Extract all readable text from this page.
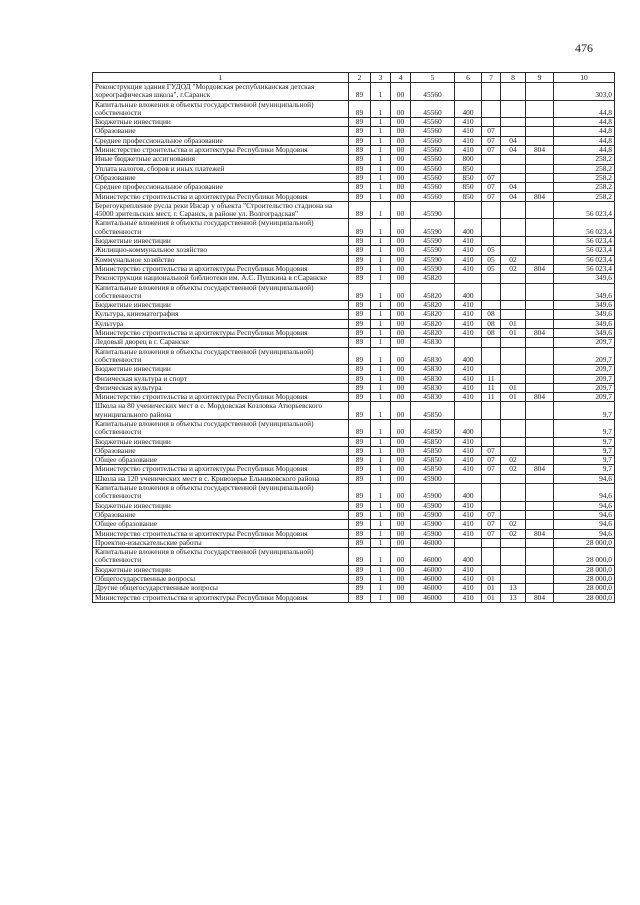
476
1	2	3	4	5	6	7	8	9	10
Реконструкция здания ГУДОД "Мордовская республиканская детская хореографическая школа", г.Саранск	89	1	00	45560					303,0
Капитальные вложения в объекты государственной (муниципальной) собственности	89	1	00	45560	400				44,8
Бюджетные инвестиции	89	1	00	45560	410				44,8
Образование	89	1	00	45560	410	07			44,8
Среднее профессиональное образование	89	1	00	45560	410	07	04		44,8
Министерство строительства и архитектуры Республики Мордовия	89	1	00	45560	410	07	04	804	44,8
Иные бюджетные ассигнования	89	1	00	45560	800				258,2
Уплата налогов, сборов и иных платежей	89	1	00	45560	850				258,2
Образование	89	1	00	45560	850	07			258,2
Среднее профессиональное образование	89	1	00	45560	850	07	04		258,2
Министерство строительства и архитектуры Республики Мордовия	89	1	00	45560	850	07	04	804	258,2
Берегоукрепление русла реки Инсар у объекта "Строительство стадиона на 45000 зрительских мест, г. Саранск, в районе ул. Волгоградская"	89	1	00	45590					56 023,4
Капитальные вложения в объекты государственной (муниципальной) собственности	89	1	00	45590	400				56 023,4
Бюджетные инвестиции	89	1	00	45590	410				56 023,4
Жилищно-коммунальное хозяйство	89	1	00	45590	410	05			56 023,4
Коммунальное хозяйство	89	1	00	45590	410	05	02		56 023,4
Министерство строительства и архитектуры Республики Мордовия	89	1	00	45590	410	05	02	804	56 023,4
Реконструкция национальной библиотеки им. А.С. Пушкина в г.Саранске	89	1	00	45820					349,6
Капитальные вложения в объекты государственной (муниципальной) собственности	89	1	00	45820	400				349,6
Бюджетные инвестиции	89	1	00	45820	410				349,6
Культура, кинематография	89	1	00	45820	410	08			349,6
Культура	89	1	00	45820	410	08	01		349,6
Министерство строительства и архитектуры Республики Мордовия	89	1	00	45820	410	08	01	804	349,6
Ледовый дворец в г. Саранске	89	1	00	45830					209,7
Капитальные вложения в объекты государственной (муниципальной) собственности	89	1	00	45830	400				209,7
Бюджетные инвестиции	89	1	00	45830	410				209,7
Физическая культура и спорт	89	1	00	45830	410	11			209,7
Физическая культура	89	1	00	45830	410	11	01		209,7
Министерство строительства и архитектуры Республики Мордовия	89	1	00	45830	410	11	01	804	209,7
Школа на 80 ученических мест в с. Мордовская Козловка Атюрьевского муниципального района	89	1	00	45850					9,7
Капитальные вложения в объекты государственной (муниципальной) собственности	89	1	00	45850	400				9,7
Бюджетные инвестиции	89	1	00	45850	410				9,7
Образование	89	1	00	45850	410	07			9,7
Общее образование	89	1	00	45850	410	07	02		9,7
Министерство строительства и архитектуры Республики Мордовия	89	1	00	45850	410	07	02	804	9,7
Школа на 120 ученических мест в с. Кривозерье Ельниковского района	89	1	00	45900					94,6
Капитальные вложения в объекты государственной (муниципальной) собственности	89	1	00	45900	400				94,6
Бюджетные инвестиции	89	1	00	45900	410				94,6
Образование	89	1	00	45900	410	07			94,6
Общее образование	89	1	00	45900	410	07	02		94,6
Министерство строительства и архитектуры Республики Мордовия	89	1	00	45900	410	07	02	804	94,6
Проектно-изыскательские работы	89	1	00	46000					28 000,0
Капитальные вложения в объекты государственной (муниципальной) собственности	89	1	00	46000	400				28 000,0
Бюджетные инвестиции	89	1	00	46000	410				28 000,0
Общегосударственные вопросы	89	1	00	46000	410	01			28 000,0
Другие общегосударственные вопросы	89	1	00	46000	410	01	13		28 000,0
Министерство строительства и архитектуры Республики Мордовия	89	1	00	46000	410	01	13	804	28 000,0
